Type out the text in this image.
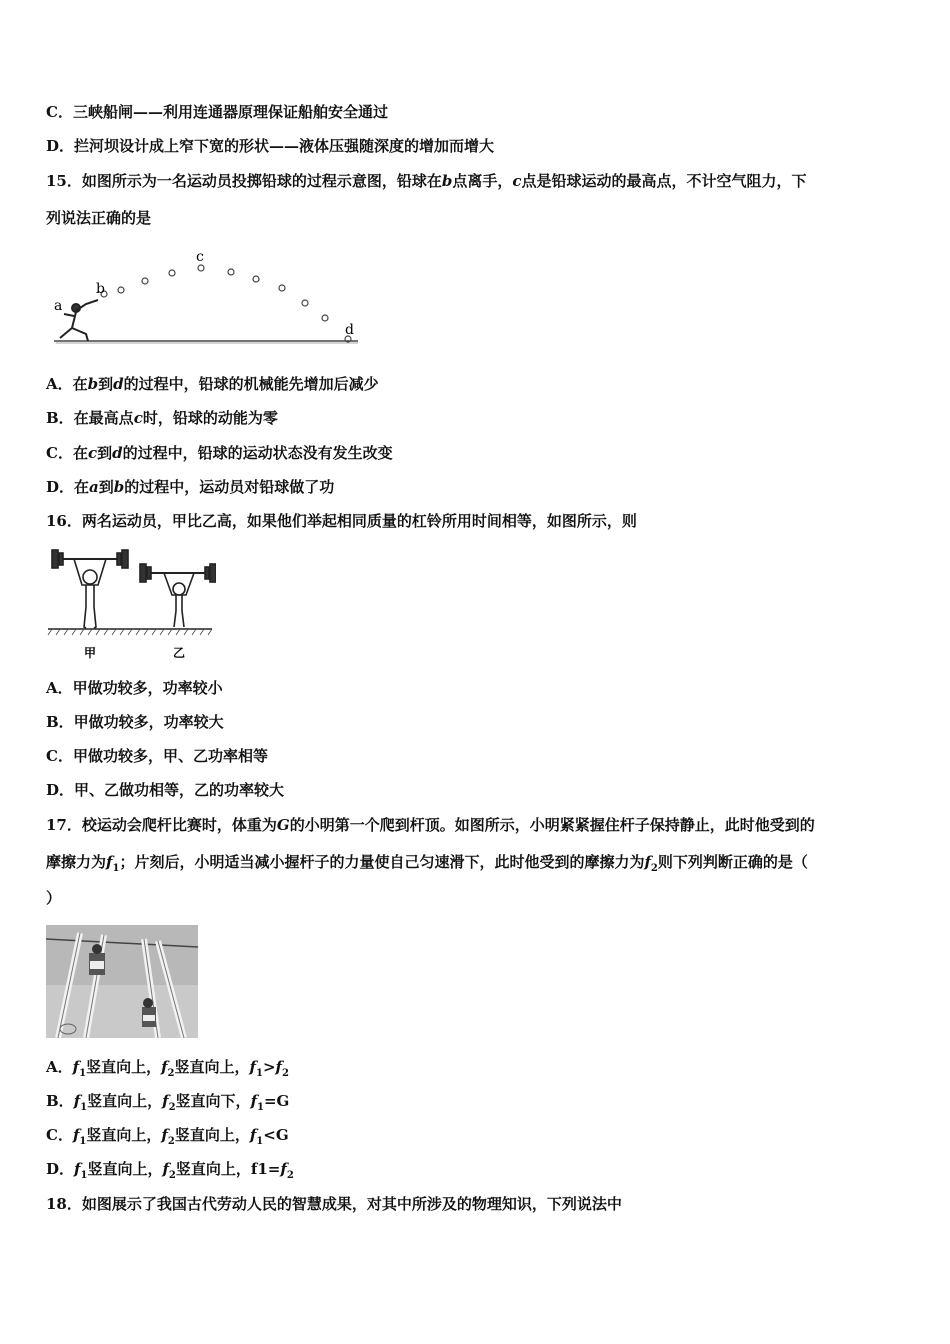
C．三峡船闸——利用连通器原理保证船舶安全通过
D．拦河坝设计成上窄下宽的形状——液体压强随深度的增加而增大
15．如图所示为一名运动员投掷铅球的过程示意图，铅球在b点离手，c点是铅球运动的最高点，不计空气阻力，下
列说法正确的是
a
b
c
d
A．在b到d的过程中，铅球的机械能先增加后减少
B．在最高点c时，铅球的动能为零
C．在c到d的过程中，铅球的运动状态没有发生改变
D．在a到b的过程中，运动员对铅球做了功
16．两名运动员，甲比乙高，如果他们举起相同质量的杠铃所用时间相等，如图所示，则
甲	乙
A．甲做功较多，功率较小
B．甲做功较多，功率较大
C．甲做功较多，甲、乙功率相等
D．甲、乙做功相等，乙的功率较大
17．校运动会爬杆比赛时，体重为G的小明第一个爬到杆顶。如图所示，小明紧紧握住杆子保持静止，此时他受到的
摩擦力为$f_1$；片刻后，小明适当减小握杆子的力量使自己匀速滑下，此时他受到的摩擦力为$f_2$则下列判断正确的是（
）
A．$f_1$竖直向上，$f_2$竖直向上，$f_1>f_2$
B．$f_1$竖直向上，$f_2$竖直向下，$f_1=G$
C．$f_1$竖直向上，$f_2$竖直向上，$f_1<G$
D．$f_1$竖直向上，$f_2$竖直向上，$f1=f_2$
18．如图展示了我国古代劳动人民的智慧成果，对其中所涉及的物理知识，下列说法中
